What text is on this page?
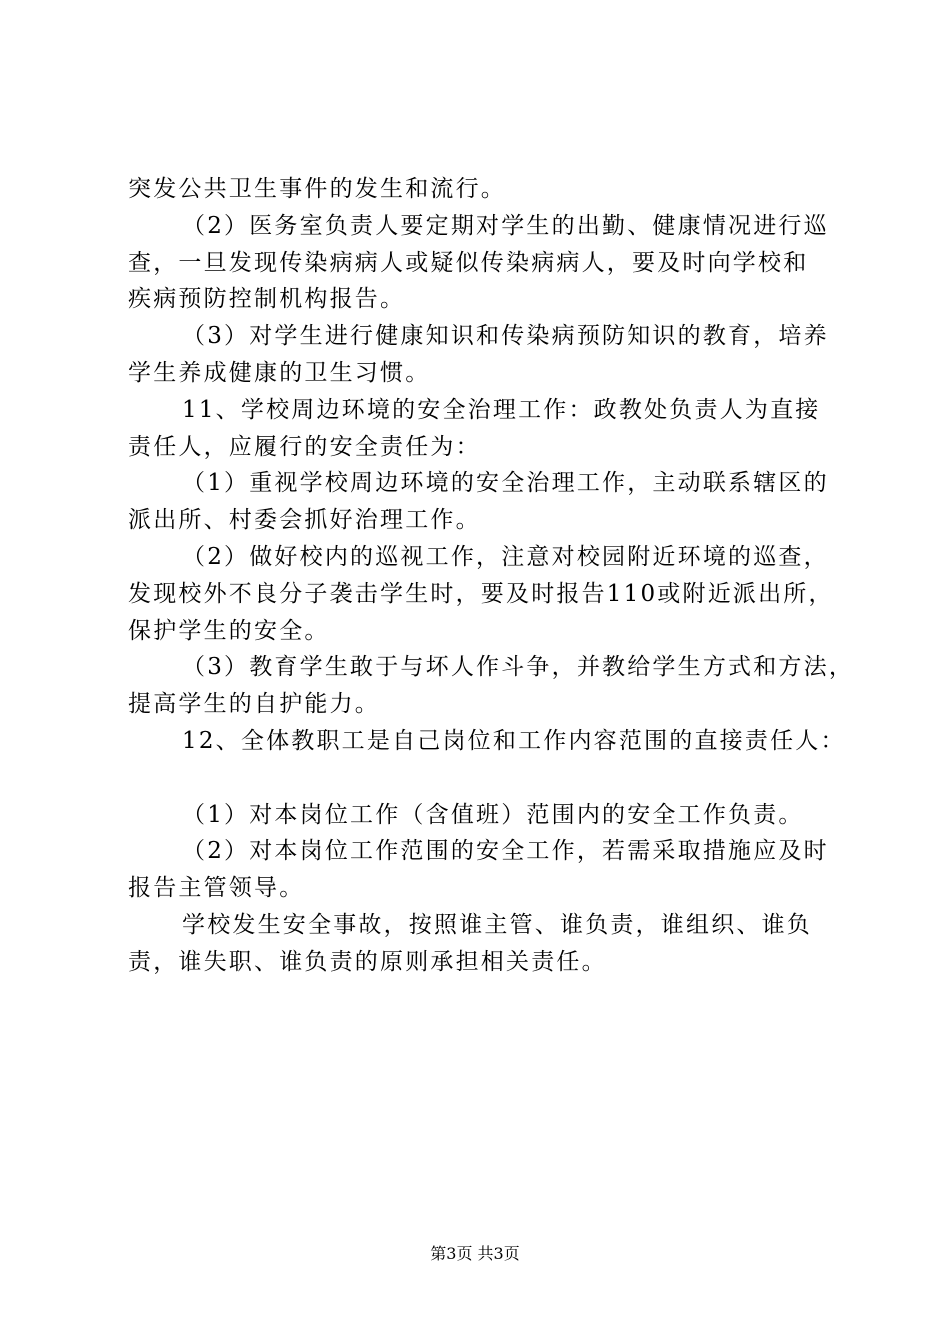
突发公共卫生事件的发生和流行。
（2）医务室负责人要定期对学生的出勤、健康情况进行巡
查，一旦发现传染病病人或疑似传染病病人，要及时向学校和
疾病预防控制机构报告。
（3）对学生进行健康知识和传染病预防知识的教育，培养
学生养成健康的卫生习惯。
11、学校周边环境的安全治理工作：政教处负责人为直接
责任人，应履行的安全责任为：
（1）重视学校周边环境的安全治理工作，主动联系辖区的
派出所、村委会抓好治理工作。
（2）做好校内的巡视工作，注意对校园附近环境的巡查，
发现校外不良分子袭击学生时，要及时报告110或附近派出所，
保护学生的安全。
（3）教育学生敢于与坏人作斗争，并教给学生方式和方法，
提高学生的自护能力。
12、全体教职工是自己岗位和工作内容范围的直接责任人：
（1）对本岗位工作（含值班）范围内的安全工作负责。
（2）对本岗位工作范围的安全工作，若需采取措施应及时
报告主管领导。
学校发生安全事故，按照谁主管、谁负责，谁组织、谁负
责，谁失职、谁负责的原则承担相关责任。
第3页 共3页
